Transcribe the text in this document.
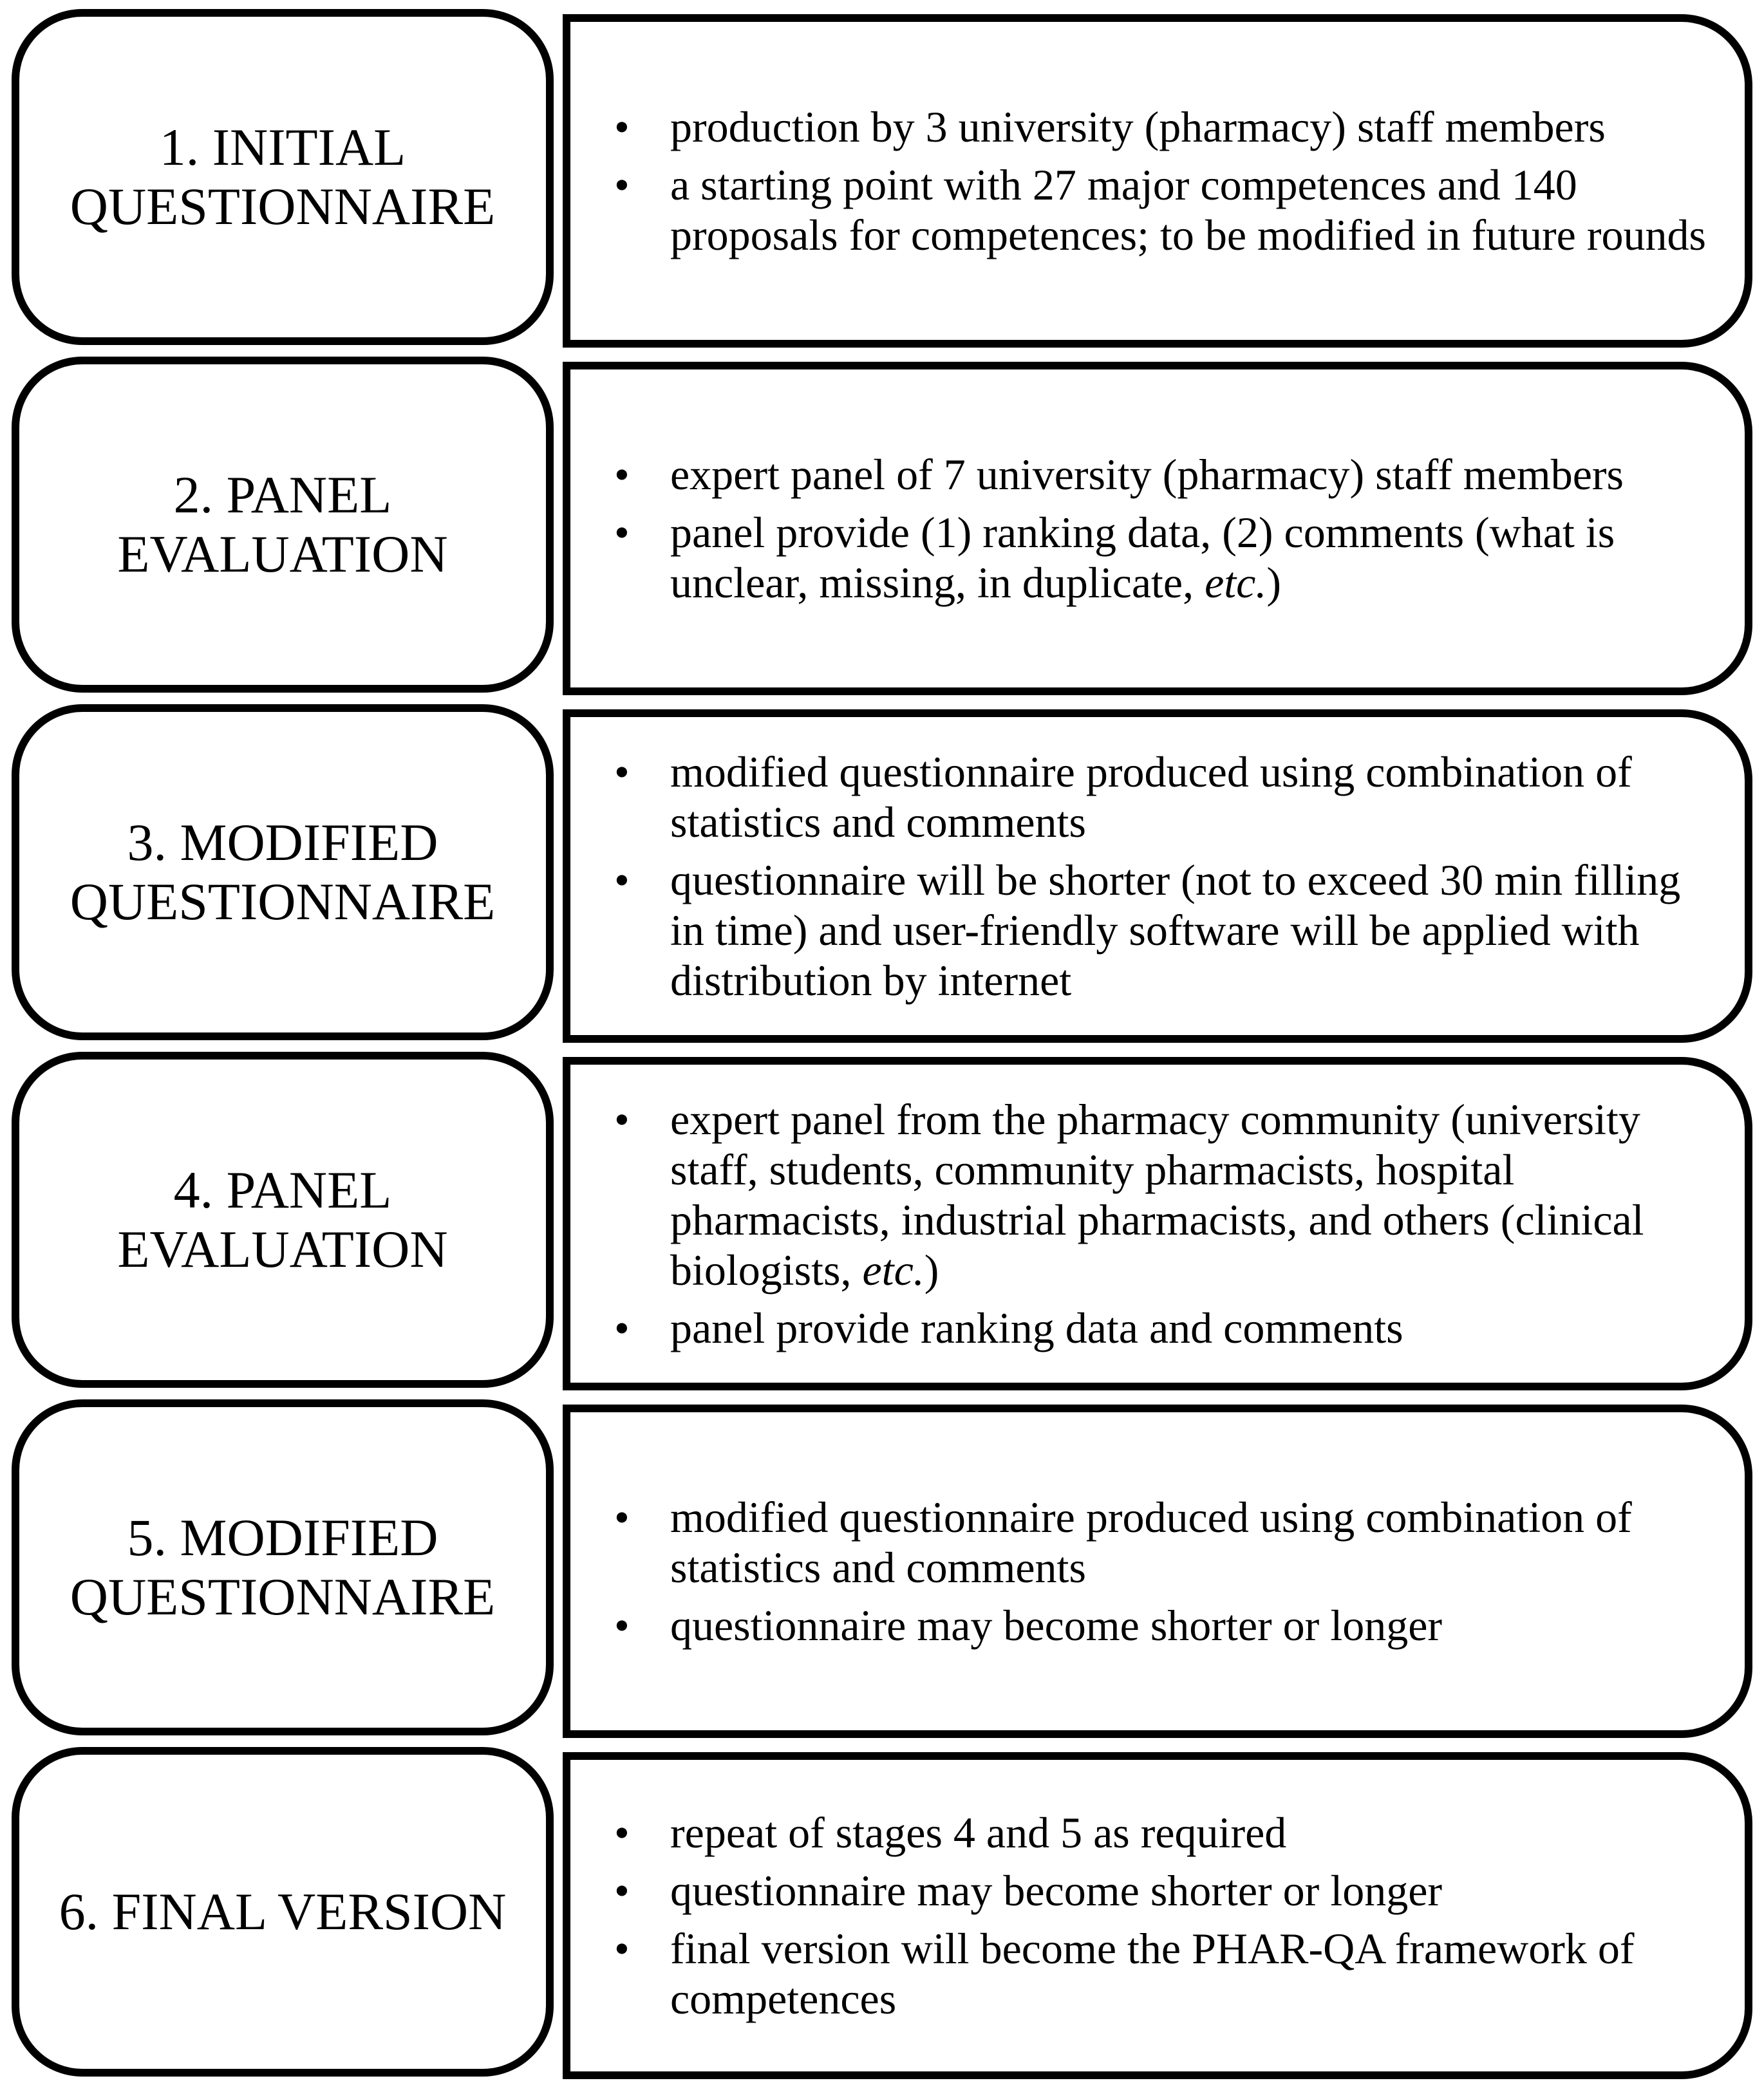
1. INITIAL
QUESTIONNAIRE
• production by 3 university (pharmacy) staff members
• a starting point with 27 major competences and 140 proposals for competences; to be modified in future rounds
2. PANEL
EVALUATION
• expert panel of 7 university (pharmacy) staff members
• panel provide (1) ranking data, (2) comments (what is unclear, missing, in duplicate, etc.)
3. MODIFIED
QUESTIONNAIRE
• modified questionnaire produced using combination of statistics and comments
• questionnaire will be shorter (not to exceed 30 min filling in time) and user-friendly software will be applied with distribution by internet
4. PANEL
EVALUATION
• expert panel from the pharmacy community (university staff, students, community pharmacists, hospital pharmacists, industrial pharmacists, and others (clinical biologists, etc.)
• panel provide ranking data and comments
5. MODIFIED
QUESTIONNAIRE
• modified questionnaire produced using combination of statistics and comments
• questionnaire may become shorter or longer
6. FINAL VERSION
• repeat of stages 4 and 5 as required
• questionnaire may become shorter or longer
• final version will become the PHAR-QA framework of competences
